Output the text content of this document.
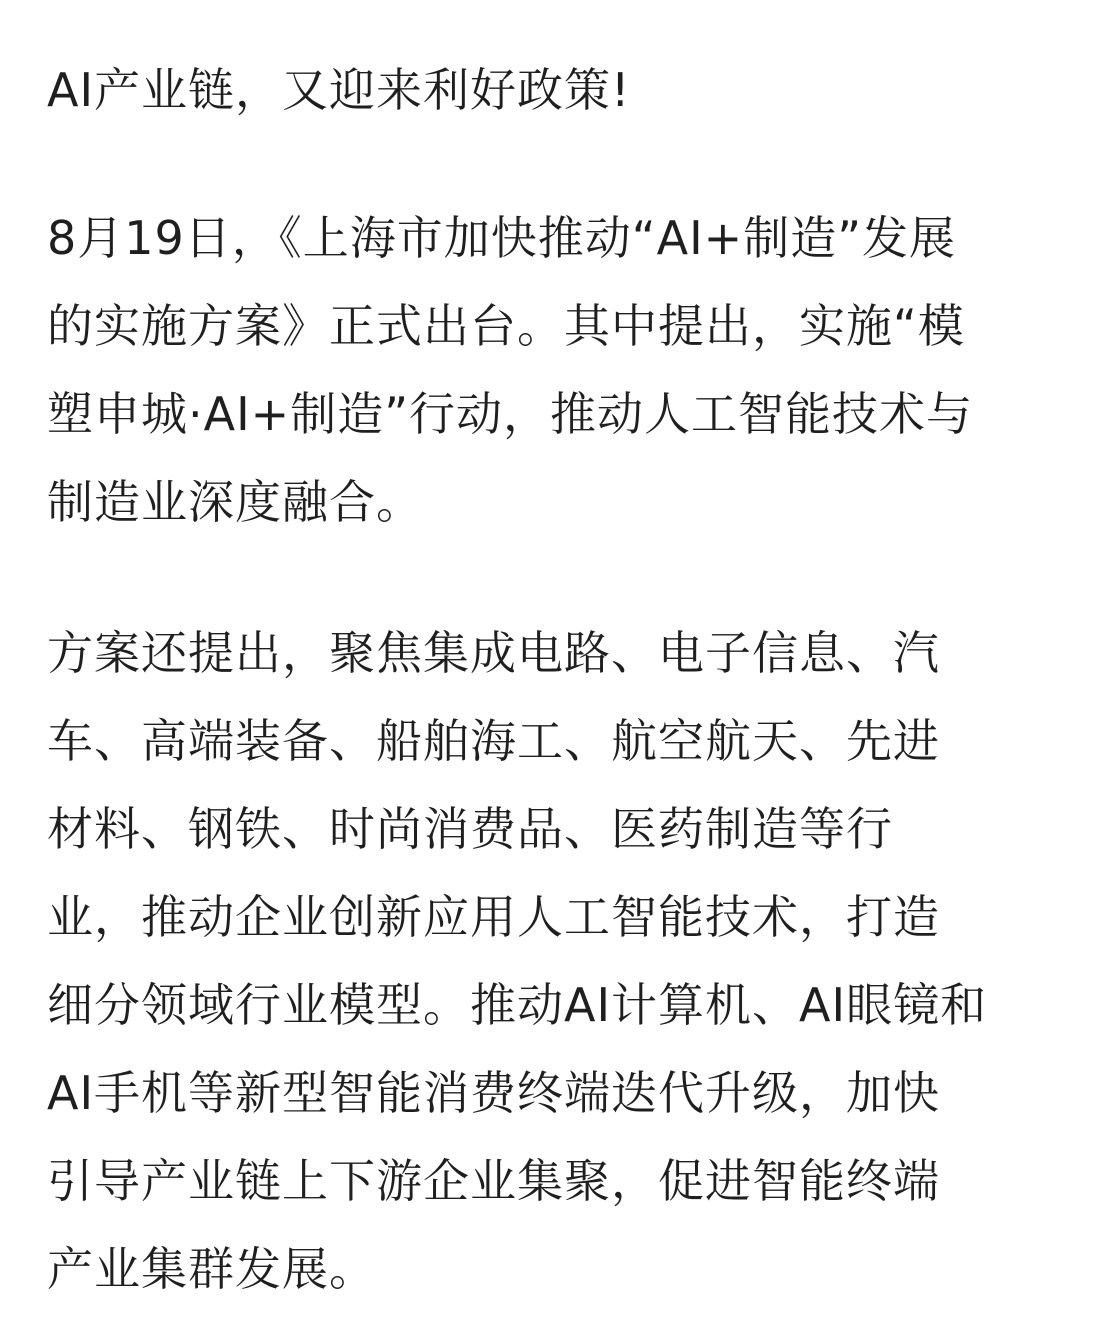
AI产业链，又迎来利好政策!

8月19日，《上海市加快推动“AI+制造”发展
的实施方案》正式出台。其中提出，实施“模
塑申城·AI+制造”行动，推动人工智能技术与
制造业深度融合。

方案还提出，聚焦集成电路、电子信息、汽
车、高端装备、船舶海工、航空航天、先进
材料、钢铁、时尚消费品、医药制造等行
业，推动企业创新应用人工智能技术，打造
细分领域行业模型。推动AI计算机、AI眼镜和
AI手机等新型智能消费终端迭代升级，加快
引导产业链上下游企业集聚，促进智能终端
产业集群发展。
